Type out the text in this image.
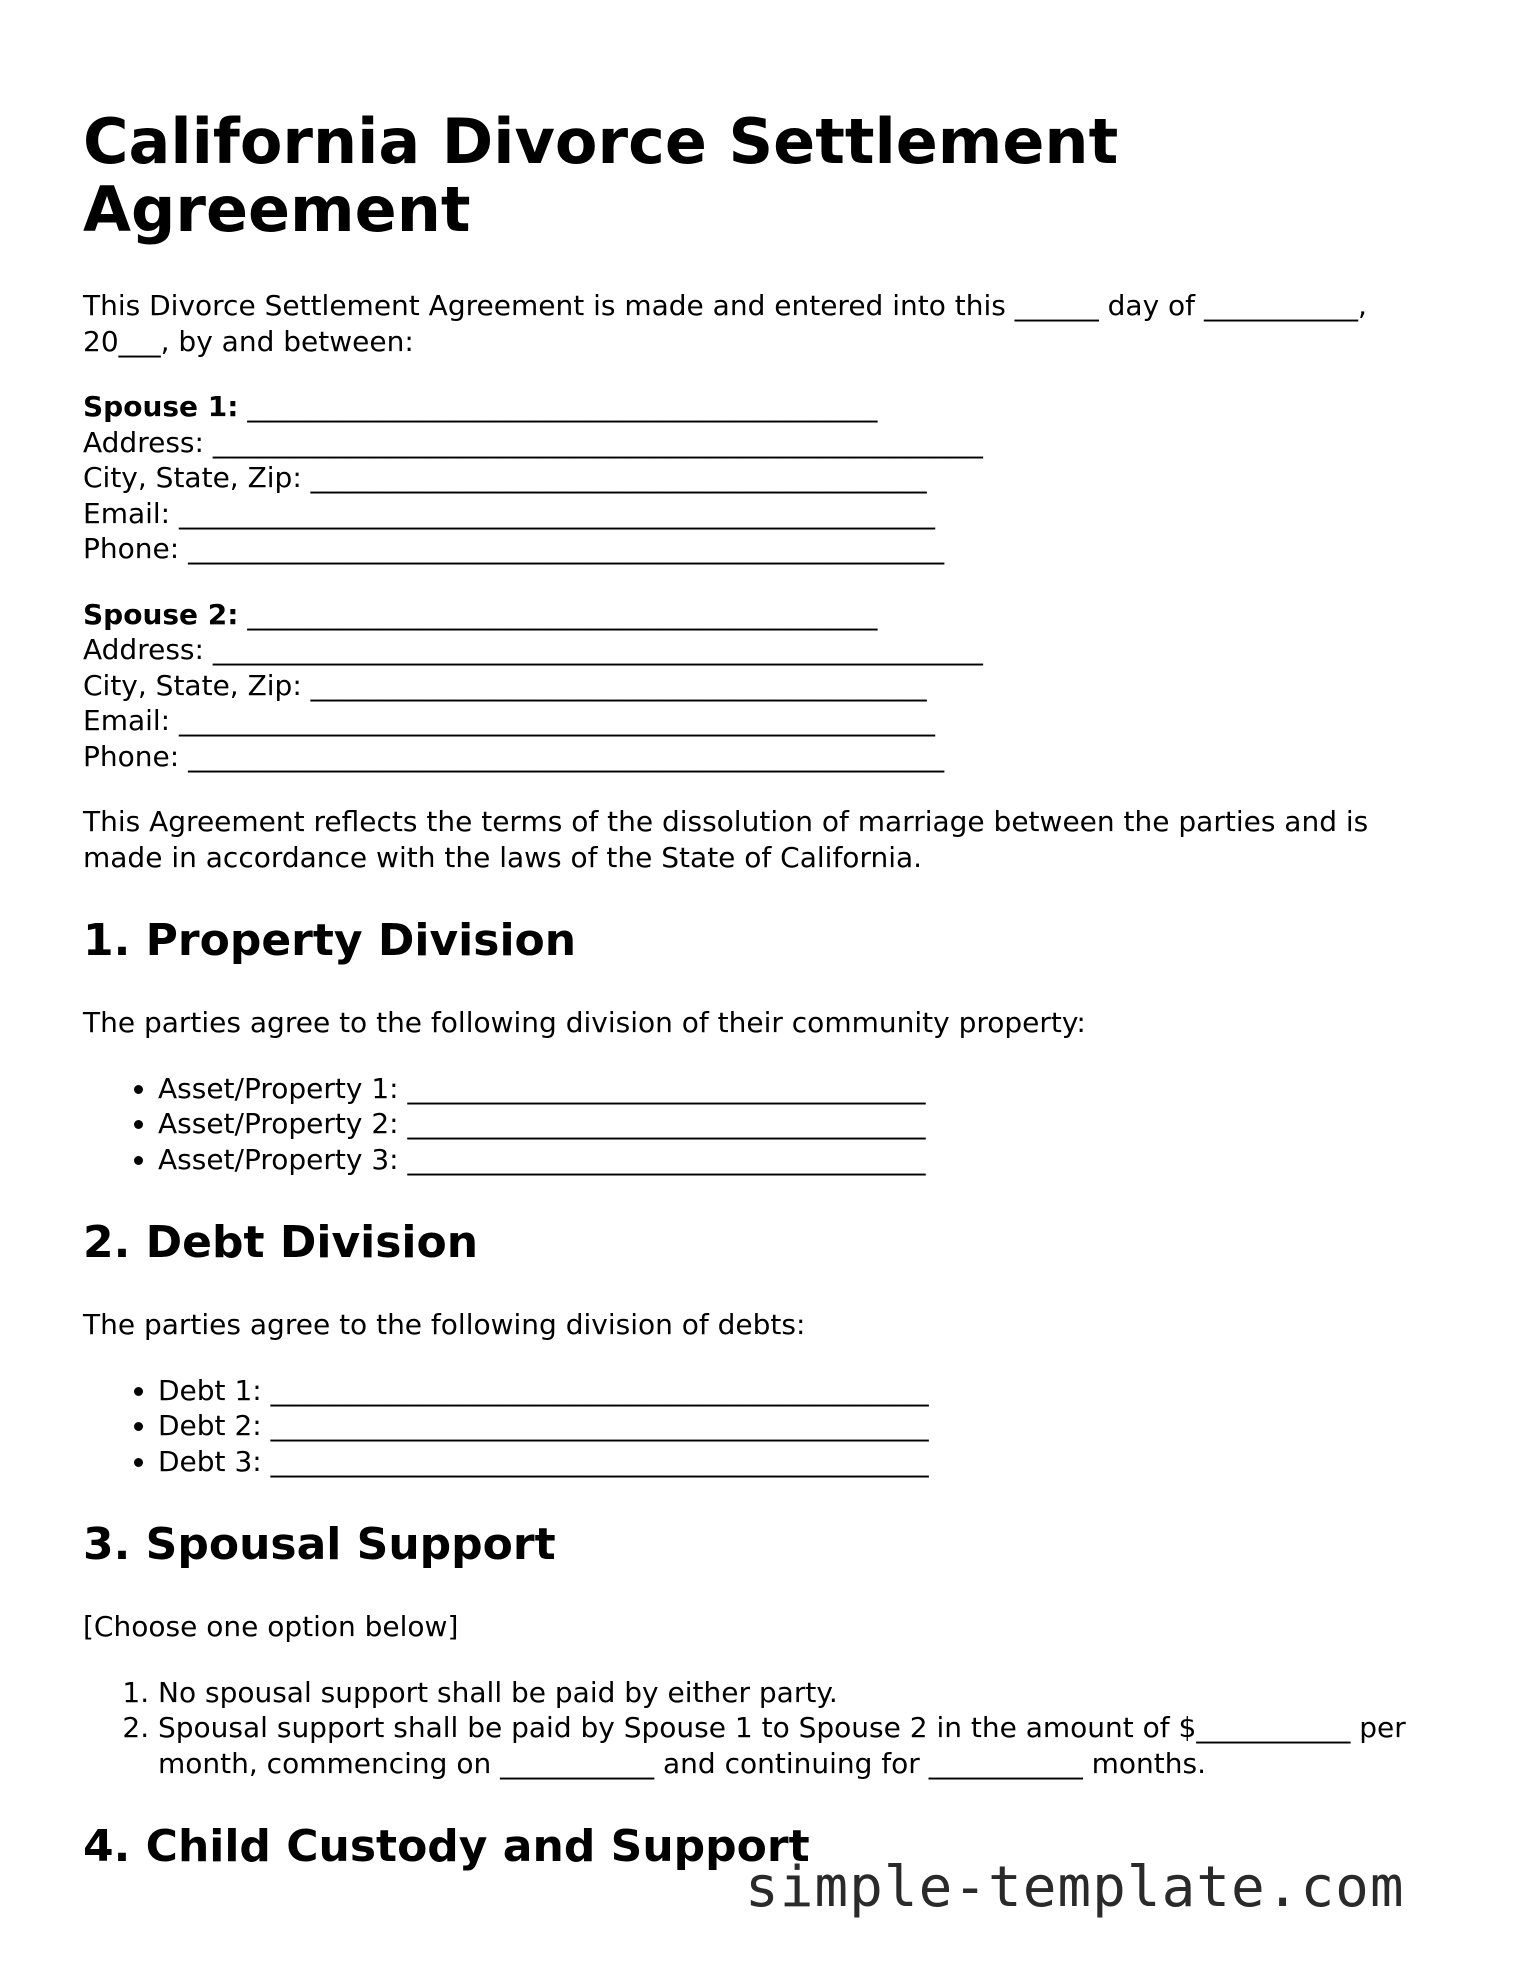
California Divorce Settlement Agreement

This Divorce Settlement Agreement is made and entered into this ______ day of ___________, 20___, by and between:

Spouse 1: _____________________________________________
Address: _______________________________________________________
City, State, Zip: ____________________________________________
Email: ______________________________________________________
Phone: ______________________________________________________
Spouse 2: _____________________________________________
Address: _______________________________________________________
City, State, Zip: ____________________________________________
Email: ______________________________________________________
Phone: ______________________________________________________

This Agreement reflects the terms of the dissolution of marriage between the parties and is made in accordance with the laws of the State of California.

1. Property Division

The parties agree to the following division of their community property:

• Asset/Property 1: _____________________________________
• Asset/Property 2: _____________________________________
• Asset/Property 3: _____________________________________
2. Debt Division

The parties agree to the following division of debts:

• Debt 1: _______________________________________________
• Debt 2: _______________________________________________
• Debt 3: _______________________________________________
3. Spousal Support

[Choose one option below]

1. No spousal support shall be paid by either party.
2. Spousal support shall be paid by Spouse 1 to Spouse 2 in the amount of $___________ per month, commencing on ___________ and continuing for ___________ months.
4. Child Custody and Support
simple-template.com
